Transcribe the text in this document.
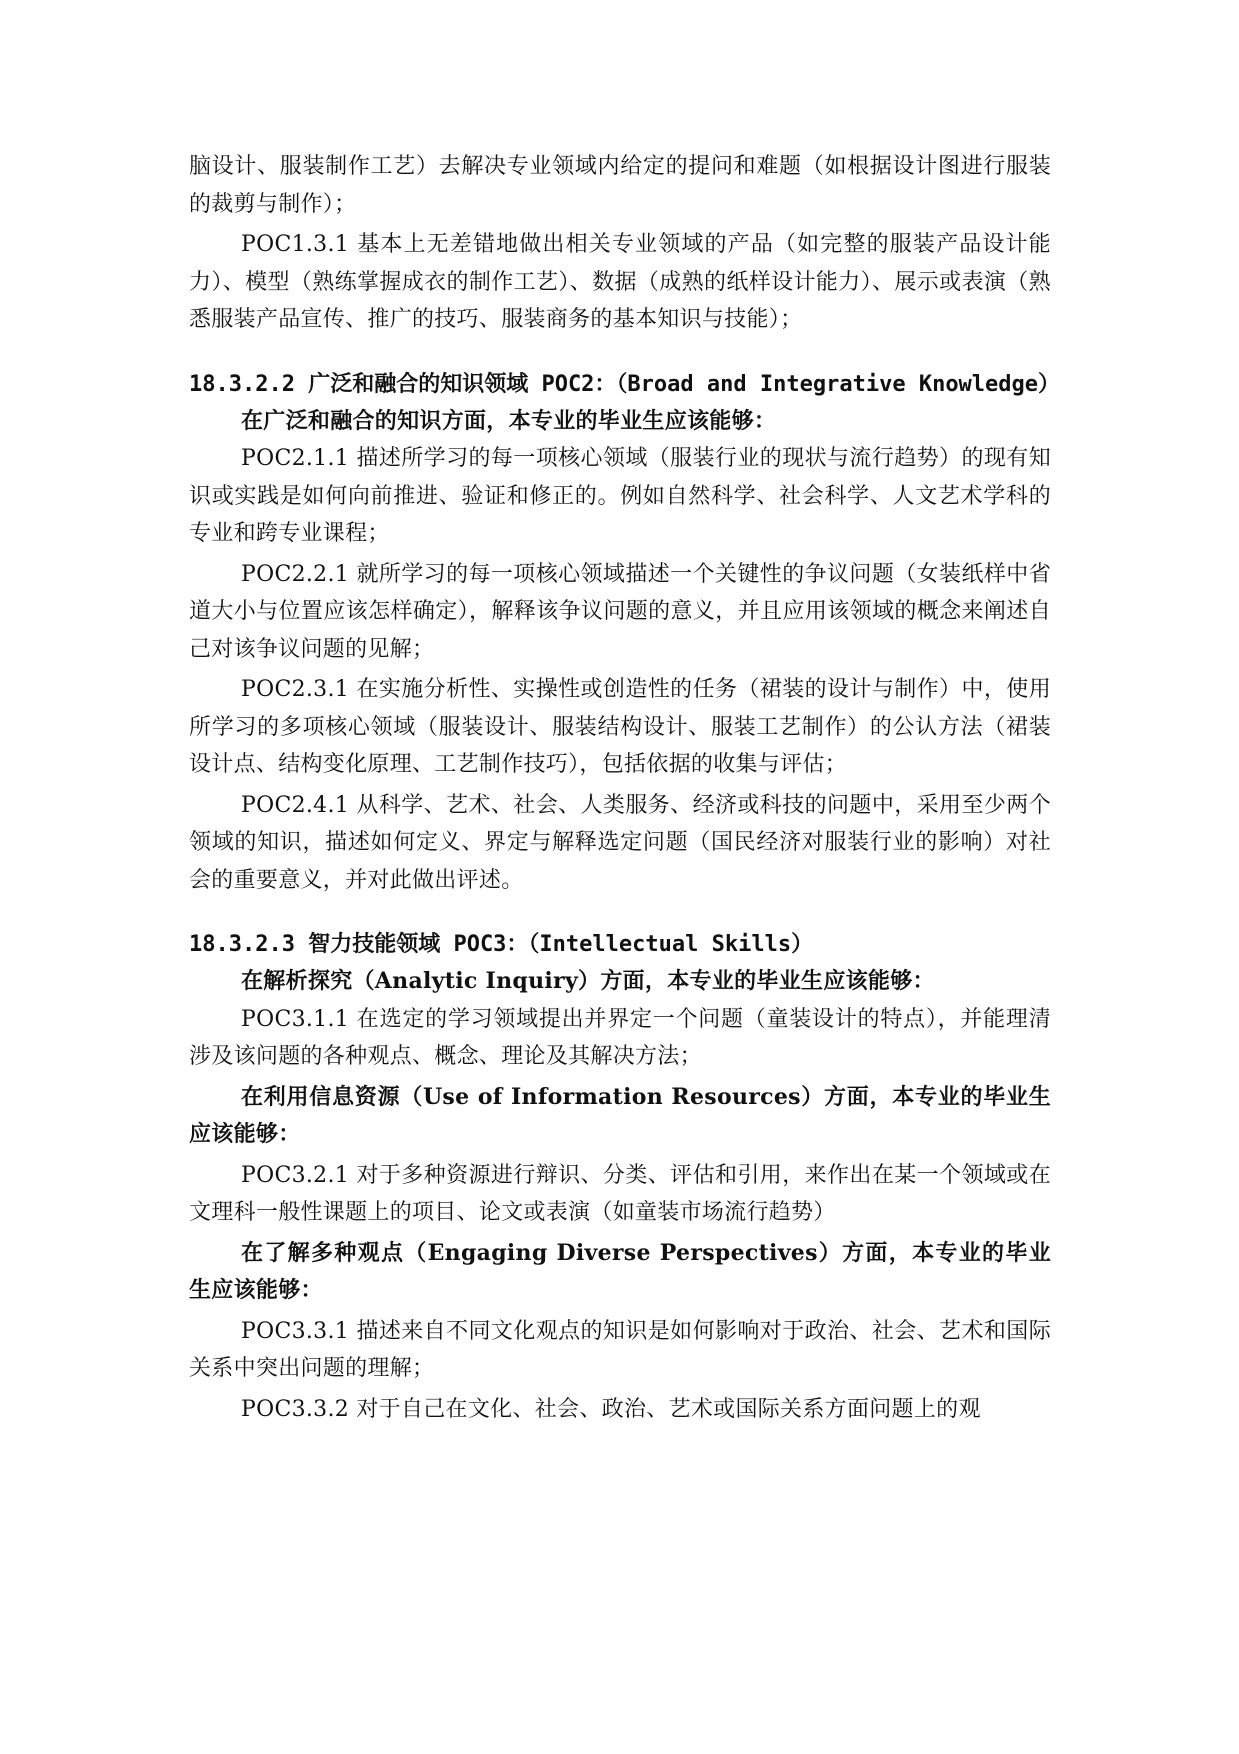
脑设计、服装制作工艺）去解决专业领域内给定的提问和难题（如根据设计图进行服装的裁剪与制作）；

POC1.3.1 基本上无差错地做出相关专业领域的产品（如完整的服装产品设计能力）、模型（熟练掌握成衣的制作工艺）、数据（成熟的纸样设计能力）、展示或表演（熟悉服装产品宣传、推广的技巧、服装商务的基本知识与技能）；

18.3.2.2 广泛和融合的知识领域 POC2：（Broad and Integrative Knowledge）

在广泛和融合的知识方面，本专业的毕业生应该能够：

POC2.1.1 描述所学习的每一项核心领域（服装行业的现状与流行趋势）的现有知识或实践是如何向前推进、验证和修正的。例如自然科学、社会科学、人文艺术学科的专业和跨专业课程；

POC2.2.1 就所学习的每一项核心领域描述一个关键性的争议问题（女装纸样中省道大小与位置应该怎样确定），解释该争议问题的意义，并且应用该领域的概念来阐述自己对该争议问题的见解；

POC2.3.1 在实施分析性、实操性或创造性的任务（裙装的设计与制作）中，使用所学习的多项核心领域（服装设计、服装结构设计、服装工艺制作）的公认方法（裙装设计点、结构变化原理、工艺制作技巧），包括依据的收集与评估；

POC2.4.1 从科学、艺术、社会、人类服务、经济或科技的问题中，采用至少两个领域的知识，描述如何定义、界定与解释选定问题（国民经济对服装行业的影响）对社会的重要意义，并对此做出评述。

18.3.2.3 智力技能领域 POC3：（Intellectual Skills）

在解析探究（Analytic Inquiry）方面，本专业的毕业生应该能够：

POC3.1.1 在选定的学习领域提出并界定一个问题（童装设计的特点），并能理清涉及该问题的各种观点、概念、理论及其解决方法；

在利用信息资源（Use of Information Resources）方面，本专业的毕业生应该能够：

POC3.2.1 对于多种资源进行辩识、分类、评估和引用，来作出在某一个领域或在文理科一般性课题上的项目、论文或表演（如童装市场流行趋势）

在了解多种观点（Engaging Diverse Perspectives）方面，本专业的毕业生应该能够：

POC3.3.1 描述来自不同文化观点的知识是如何影响对于政治、社会、艺术和国际关系中突出问题的理解；

POC3.3.2 对于自己在文化、社会、政治、艺术或国际关系方面问题上的观
